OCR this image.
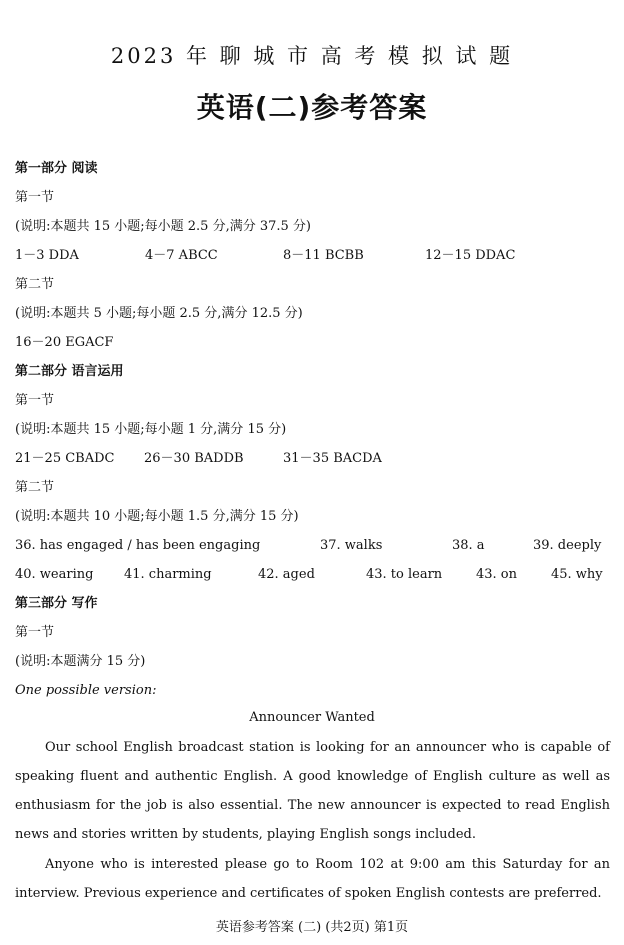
2023 年 聊 城 市 高 考 模 拟 试 题
英语(二)参考答案
第一部分 阅读
第一节
(说明:本题共 15 小题;每小题 2.5 分,满分 37.5 分)
1－3 DDA	4－7 ABCC	8－11 BCBB	12－15 DDAC
第二节
(说明:本题共 5 小题;每小题 2.5 分,满分 12.5 分)
16－20 EGACF
第二部分 语言运用
第一节
(说明:本题共 15 小题;每小题 1 分,满分 15 分)
21－25 CBADC 26－30 BADDB	31－35 BACDA
第二节
(说明:本题共 10 小题;每小题 1.5 分,满分 15 分)
36. has engaged / has been engaging	37. walks	38. a	39. deeply
40. wearing 41. charming	42. aged	43. to learn	43. on	45. why
第三部分 写作
第一节
(说明:本题满分 15 分)
One possible version:
Announcer Wanted
Our school English broadcast station is looking for an announcer who is capable of speaking fluent and authentic English. A good knowledge of English culture as well as enthusiasm for the job is also essential. The new announcer is expected to read English news and stories written by students, playing English songs included.
Anyone who is interested please go to Room 102 at 9:00 am this Saturday for an interview. Previous experience and certificates of spoken English contests are preferred.
英语参考答案 (二) (共2页) 第1页
